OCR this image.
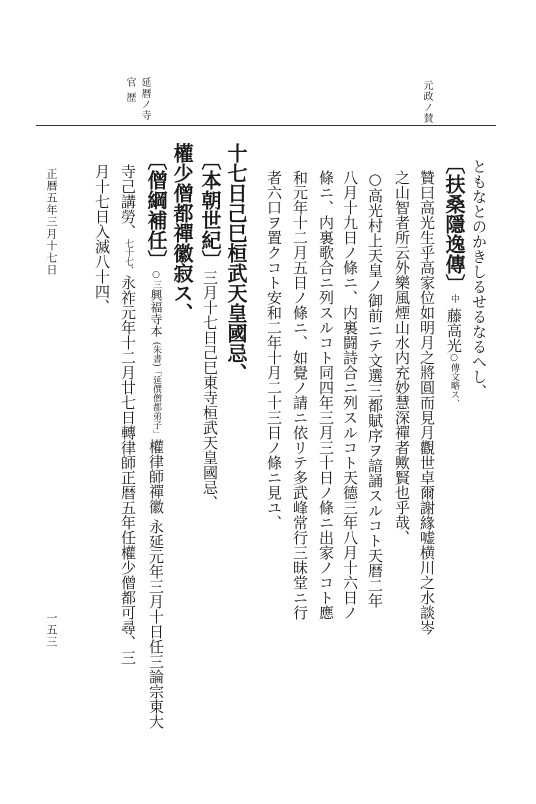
元政ノ賛
延暦ノ寺
官 歴
ともなとのかきしるせるなるへし、
〔扶桑隱逸傳〕中 藤高光○傳文略ス、
贊曰高光生乎高家位如明月之將圓而見月觀世卓爾謝緣嘘横川之水談岑
之山智者所云外樂風煙山水内充妙慧深禪者歟賢也乎哉、
○高光村上天皇ノ御前ニテ文選三都賦序ヲ諳誦スルコト天暦二年
八月十九日ノ條ニ、内裏闘詩合ニ列スルコト天德三年八月十六日ノ
條ニ、内裏歌合ニ列スルコト同四年三月三十日ノ條ニ出家ノコト應
和元年十二月五日ノ條ニ、如覺ノ請ニ依リテ多武峰常行三昧堂ニ行
者六口ヲ置クコト安和二年十月二十三日ノ條ニ見ユ、
十七日己巳桓武天皇國忌、
〔本朝世紀〕三月十七日己巳東寺桓武天皇國忌、
權少僧都禪徽寂ス、
〔僧綱補任〕○三興福寺本 (朱書)「延僎僧都弟子」權律師禪徽 永延元年三月十日任三論宗東大
寺己講勞、七十七、永祚元年十二月廿七日轉律師正暦五年任權少僧都可尋、三
月十七日入滅八十四、
正暦五年三月十七日
一五三
